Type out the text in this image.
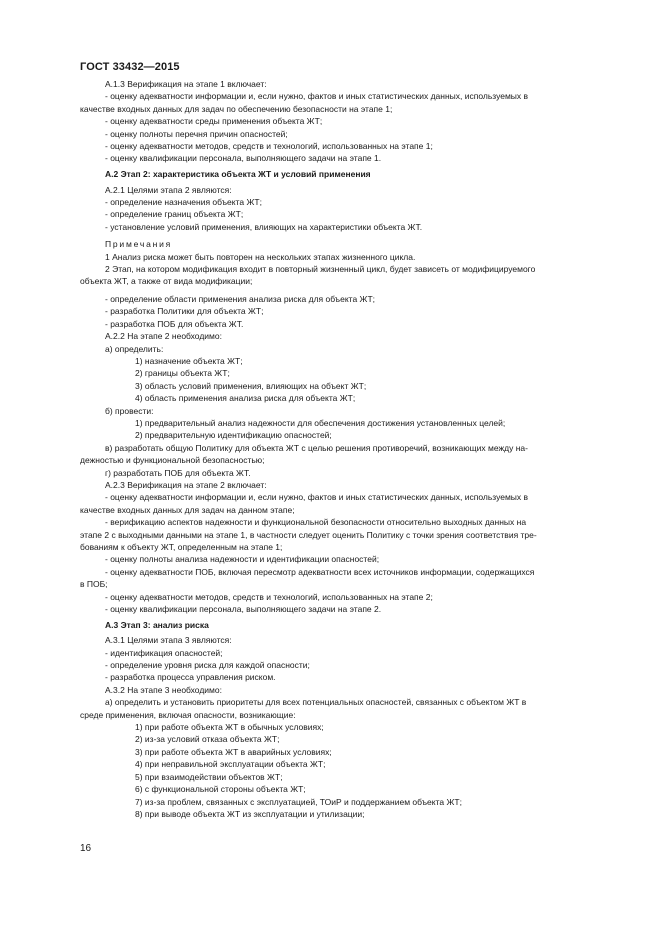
ГОСТ 33432—2015
А.1.3 Верификация на этапе 1 включает:
- оценку адекватности информации и, если нужно, фактов и иных статистических данных, используемых в
качестве входных данных для задач по обеспечению безопасности на этапе 1;
- оценку адекватности среды применения объекта ЖТ;
- оценку полноты перечня причин опасностей;
- оценку адекватности методов, средств и технологий, использованных на этапе 1;
- оценку квалификации персонала, выполняющего задачи на этапе 1.
А.2 Этап 2: характеристика объекта ЖТ и условий применения
А.2.1 Целями этапа 2 являются:
- определение назначения объекта ЖТ;
- определение границ объекта ЖТ;
- установление условий применения, влияющих на характеристики объекта ЖТ.
Примечания
1 Анализ риска может быть повторен на нескольких этапах жизненного цикла.
2 Этап, на котором модификация входит в повторный жизненный цикл, будет зависеть от модифицируемого
объекта ЖТ, а также от вида модификации;
- определение области применения анализа риска для объекта ЖТ;
- разработка Политики для объекта ЖТ;
- разработка ПОБ для объекта ЖТ.
А.2.2 На этапе 2 необходимо:
а) определить:
1) назначение объекта ЖТ;
2) границы объекта ЖТ;
3) область условий применения, влияющих на объект ЖТ;
4) область применения анализа риска для объекта ЖТ;
б) провести:
1) предварительный анализ надежности для обеспечения достижения установленных целей;
2) предварительную идентификацию опасностей;
в) разработать общую Политику для объекта ЖТ с целью решения противоречий, возникающих между на-
дежностью и функциональной безопасностью;
г) разработать ПОБ для объекта ЖТ.
А.2.3 Верификация на этапе 2 включает:
- оценку адекватности информации и, если нужно, фактов и иных статистических данных, используемых в
качестве входных данных для задач на данном этапе;
- верификацию аспектов надежности и функциональной безопасности относительно выходных данных на
этапе 2 с выходными данными на этапе 1, в частности следует оценить Политику с точки зрения соответствия тре-
бованиям к объекту ЖТ, определенным на этапе 1;
- оценку полноты анализа надежности и идентификации опасностей;
- оценку адекватности ПОБ, включая пересмотр адекватности всех источников информации, содержащихся
в ПОБ;
- оценку адекватности методов, средств и технологий, использованных на этапе 2;
- оценку квалификации персонала, выполняющего задачи на этапе 2.
А.3 Этап 3: анализ риска
А.3.1 Целями этапа 3 являются:
- идентификация опасностей;
- определение уровня риска для каждой опасности;
- разработка процесса управления риском.
А.3.2 На этапе 3 необходимо:
а) определить и установить приоритеты для всех потенциальных опасностей, связанных с объектом ЖТ в
среде применения, включая опасности, возникающие:
1) при работе объекта ЖТ в обычных условиях;
2) из-за условий отказа объекта ЖТ;
3) при работе объекта ЖТ в аварийных условиях;
4) при неправильной эксплуатации объекта ЖТ;
5) при взаимодействии объектов ЖТ;
6) с функциональной стороны объекта ЖТ;
7) из-за проблем, связанных с эксплуатацией, ТОиР и поддержанием объекта ЖТ;
8) при выводе объекта ЖТ из эксплуатации и утилизации;
16
